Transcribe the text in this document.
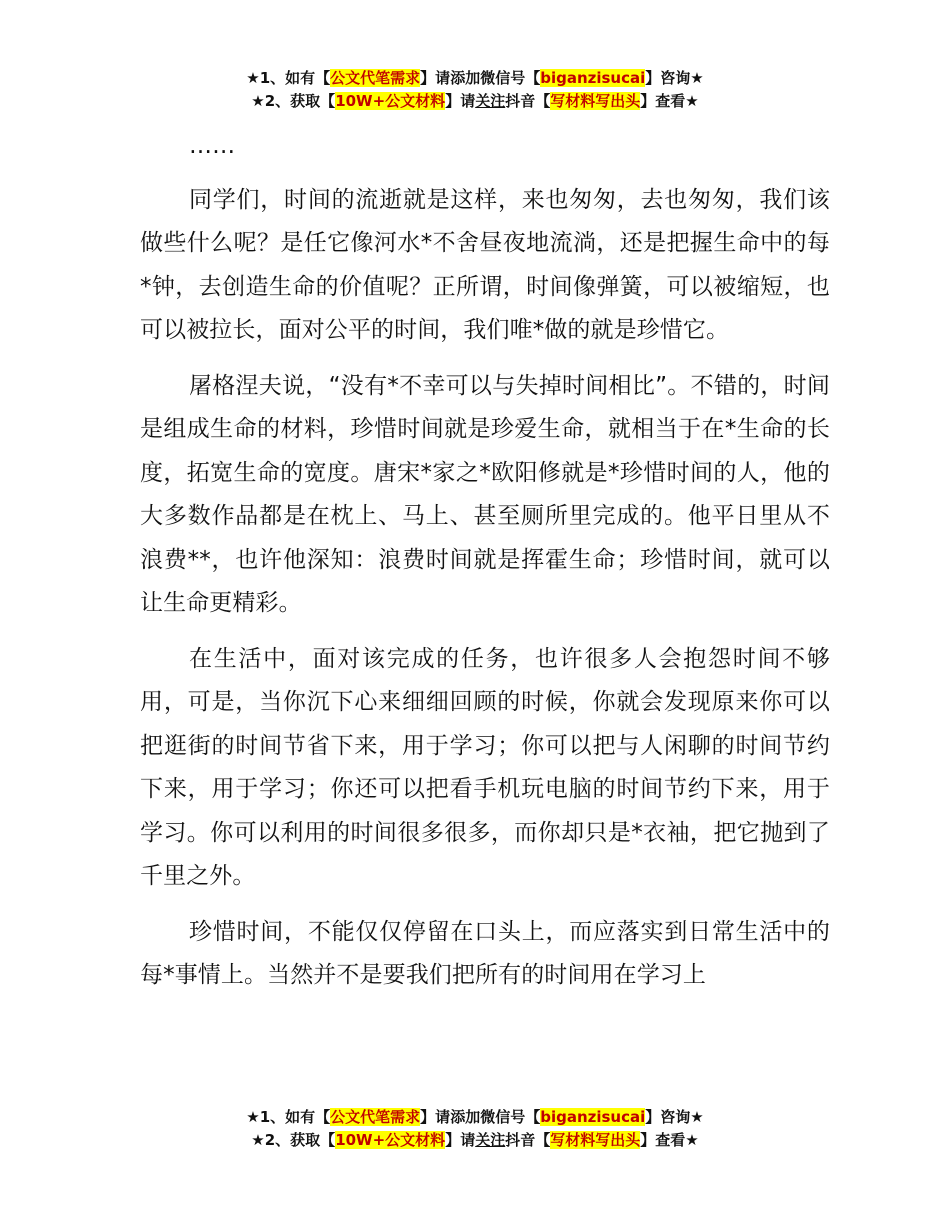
★1、如有【公文代笔需求】请添加微信号【biganzisucai】咨询★
★2、获取【10W+公文材料】请关注抖音【写材料写出头】查看★

……

同学们，时间的流逝就是这样，来也匆匆，去也匆匆，我们该做些什么呢？是任它像河水*不舍昼夜地流淌，还是把握生命中的每*钟，去创造生命的价值呢？正所谓，时间像弹簧，可以被缩短，也可以被拉长，面对公平的时间，我们唯*做的就是珍惜它。

屠格涅夫说，“没有*不幸可以与失掉时间相比”。不错的，时间是组成生命的材料，珍惜时间就是珍爱生命，就相当于在*生命的长度，拓宽生命的宽度。唐宋*家之*欧阳修就是*珍惜时间的人，他的大多数作品都是在枕上、马上、甚至厕所里完成的。他平日里从不浪费**，也许他深知：浪费时间就是挥霍生命；珍惜时间，就可以让生命更精彩。

在生活中，面对该完成的任务，也许很多人会抱怨时间不够用，可是，当你沉下心来细细回顾的时候，你就会发现原来你可以把逛街的时间节省下来，用于学习；你可以把与人闲聊的时间节约下来，用于学习；你还可以把看手机玩电脑的时间节约下来，用于学习。你可以利用的时间很多很多，而你却只是*衣袖，把它抛到了千里之外。

珍惜时间，不能仅仅停留在口头上，而应落实到日常生活中的每*事情上。当然并不是要我们把所有的时间用在学习上

★1、如有【公文代笔需求】请添加微信号【biganzisucai】咨询★
★2、获取【10W+公文材料】请关注抖音【写材料写出头】查看★
